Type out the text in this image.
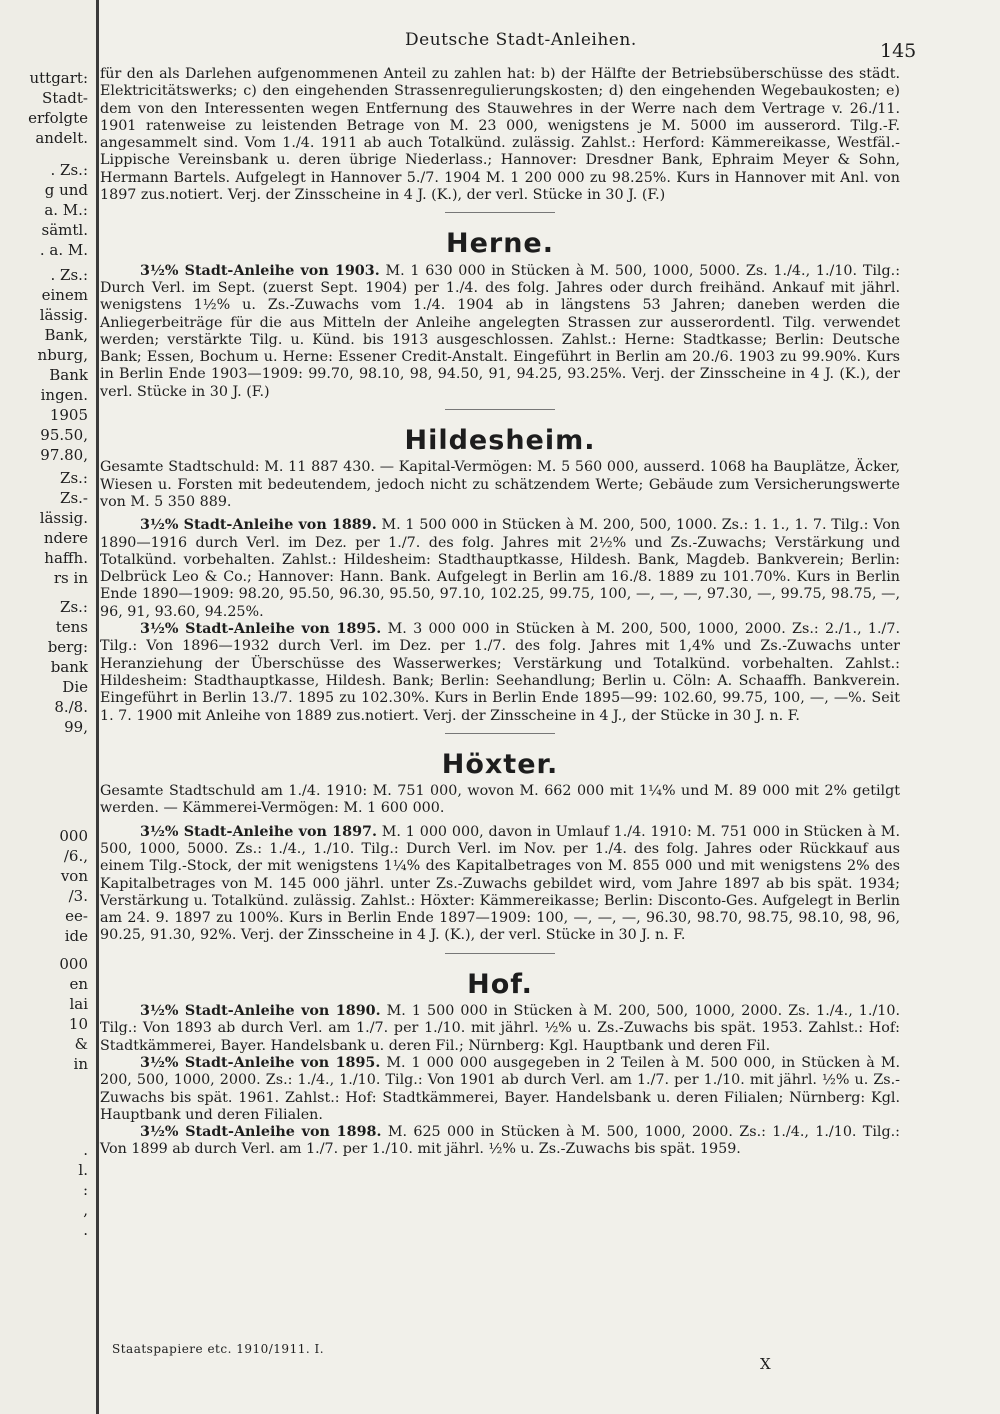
uttgart:
Stadt-
erfolgte
andelt.
. Zs.:
g und
a. M.:
sämtl.
. a. M.
. Zs.:
einem
lässig.
Bank,
nburg,
Bank
ingen.
1905
95.50,
97.80,
Zs.:
Zs.-
lässig.
ndere
haffh.
rs in
Zs.:
tens
berg:
bank
Die
8./8.
99,
000
/6.,
von
/3.
ee-
ide
000
en
lai
10
&
in
.
l.
:
,
.
Deutsche Stadt-Anleihen.	145

für den als Darlehen aufgenommenen Anteil zu zahlen hat: b) der Hälfte der Betriebsüberschüsse des städt. Elektricitätswerks; c) den eingehenden Strassenregulierungskosten; d) den eingehenden Wegebaukosten; e) dem von den Interessenten wegen Entfernung des Stauwehres in der Werre nach dem Vertrage v. 26./11. 1901 ratenweise zu leistenden Betrage von M. 23 000, wenigstens je M. 5000 im ausserord. Tilg.-F. angesammelt sind. Vom 1./4. 1911 ab auch Totalkünd. zulässig. Zahlst.: Herford: Kämmereikasse, Westfäl.-Lippische Vereinsbank u. deren übrige Niederlass.; Hannover: Dresdner Bank, Ephraim Meyer & Sohn, Hermann Bartels. Aufgelegt in Hannover 5./7. 1904 M. 1 200 000 zu 98.25%. Kurs in Hannover mit Anl. von 1897 zus.notiert. Verj. der Zinsscheine in 4 J. (K.), der verl. Stücke in 30 J. (F.)

Herne.

3½% Stadt-Anleihe von 1903. M. 1 630 000 in Stücken à M. 500, 1000, 5000. Zs. 1./4., 1./10. Tilg.: Durch Verl. im Sept. (zuerst Sept. 1904) per 1./4. des folg. Jahres oder durch freihänd. Ankauf mit jährl. wenigstens 1½% u. Zs.-Zuwachs vom 1./4. 1904 ab in längstens 53 Jahren; daneben werden die Anliegerbeiträge für die aus Mitteln der Anleihe angelegten Strassen zur ausserordentl. Tilg. verwendet werden; verstärkte Tilg. u. Künd. bis 1913 ausgeschlossen. Zahlst.: Herne: Stadtkasse; Berlin: Deutsche Bank; Essen, Bochum u. Herne: Essener Credit-Anstalt. Eingeführt in Berlin am 20./6. 1903 zu 99.90%. Kurs in Berlin Ende 1903—1909: 99.70, 98.10, 98, 94.50, 91, 94.25, 93.25%. Verj. der Zinsscheine in 4 J. (K.), der verl. Stücke in 30 J. (F.)

Hildesheim.

Gesamte Stadtschuld: M. 11 887 430. — Kapital-Vermögen: M. 5 560 000, ausserd. 1068 ha Bauplätze, Äcker, Wiesen u. Forsten mit bedeutendem, jedoch nicht zu schätzendem Werte; Gebäude zum Versicherungswerte von M. 5 350 889.

3½% Stadt-Anleihe von 1889. M. 1 500 000 in Stücken à M. 200, 500, 1000. Zs.: 1. 1., 1. 7. Tilg.: Von 1890—1916 durch Verl. im Dez. per 1./7. des folg. Jahres mit 2½% und Zs.-Zuwachs; Verstärkung und Totalkünd. vorbehalten. Zahlst.: Hildesheim: Stadthauptkasse, Hildesh. Bank, Magdeb. Bankverein; Berlin: Delbrück Leo & Co.; Hannover: Hann. Bank. Aufgelegt in Berlin am 16./8. 1889 zu 101.70%. Kurs in Berlin Ende 1890—1909: 98.20, 95.50, 96.30, 95.50, 97.10, 102.25, 99.75, 100, —, —, —, 97.30, —, 99.75, 98.75, —, 96, 91, 93.60, 94.25%.

3½% Stadt-Anleihe von 1895. M. 3 000 000 in Stücken à M. 200, 500, 1000, 2000. Zs.: 2./1., 1./7. Tilg.: Von 1896—1932 durch Verl. im Dez. per 1./7. des folg. Jahres mit 1,4% und Zs.-Zuwachs unter Heranziehung der Überschüsse des Wasserwerkes; Verstärkung und Totalkünd. vorbehalten. Zahlst.: Hildesheim: Stadthauptkasse, Hildesh. Bank; Berlin: Seehandlung; Berlin u. Cöln: A. Schaaffh. Bankverein. Eingeführt in Berlin 13./7. 1895 zu 102.30%. Kurs in Berlin Ende 1895—99: 102.60, 99.75, 100, —, —%. Seit 1. 7. 1900 mit Anleihe von 1889 zus.notiert. Verj. der Zinsscheine in 4 J., der Stücke in 30 J. n. F.

Höxter.

Gesamte Stadtschuld am 1./4. 1910: M. 751 000, wovon M. 662 000 mit 1¼% und M. 89 000 mit 2% getilgt werden. — Kämmerei-Vermögen: M. 1 600 000.

3½% Stadt-Anleihe von 1897. M. 1 000 000, davon in Umlauf 1./4. 1910: M. 751 000 in Stücken à M. 500, 1000, 5000. Zs.: 1./4., 1./10. Tilg.: Durch Verl. im Nov. per 1./4. des folg. Jahres oder Rückkauf aus einem Tilg.-Stock, der mit wenigstens 1¼% des Kapitalbetrages von M. 855 000 und mit wenigstens 2% des Kapitalbetrages von M. 145 000 jährl. unter Zs.-Zuwachs gebildet wird, vom Jahre 1897 ab bis spät. 1934; Verstärkung u. Totalkünd. zulässig. Zahlst.: Höxter: Kämmereikasse; Berlin: Disconto-Ges. Aufgelegt in Berlin am 24. 9. 1897 zu 100%. Kurs in Berlin Ende 1897—1909: 100, —, —, —, 96.30, 98.70, 98.75, 98.10, 98, 96, 90.25, 91.30, 92%. Verj. der Zinsscheine in 4 J. (K.), der verl. Stücke in 30 J. n. F.

Hof.

3½% Stadt-Anleihe von 1890. M. 1 500 000 in Stücken à M. 200, 500, 1000, 2000. Zs. 1./4., 1./10. Tilg.: Von 1893 ab durch Verl. am 1./7. per 1./10. mit jährl. ½% u. Zs.-Zuwachs bis spät. 1953. Zahlst.: Hof: Stadtkämmerei, Bayer. Handelsbank u. deren Fil.; Nürnberg: Kgl. Hauptbank und deren Fil.

3½% Stadt-Anleihe von 1895. M. 1 000 000 ausgegeben in 2 Teilen à M. 500 000, in Stücken à M. 200, 500, 1000, 2000. Zs.: 1./4., 1./10. Tilg.: Von 1901 ab durch Verl. am 1./7. per 1./10. mit jährl. ½% u. Zs.-Zuwachs bis spät. 1961. Zahlst.: Hof: Stadtkämmerei, Bayer. Handelsbank u. deren Filialen; Nürnberg: Kgl. Hauptbank und deren Filialen.

3½% Stadt-Anleihe von 1898. M. 625 000 in Stücken à M. 500, 1000, 2000. Zs.: 1./4., 1./10. Tilg.: Von 1899 ab durch Verl. am 1./7. per 1./10. mit jährl. ½% u. Zs.-Zuwachs bis spät. 1959.

Staatspapiere etc. 1910/1911. I.
X
